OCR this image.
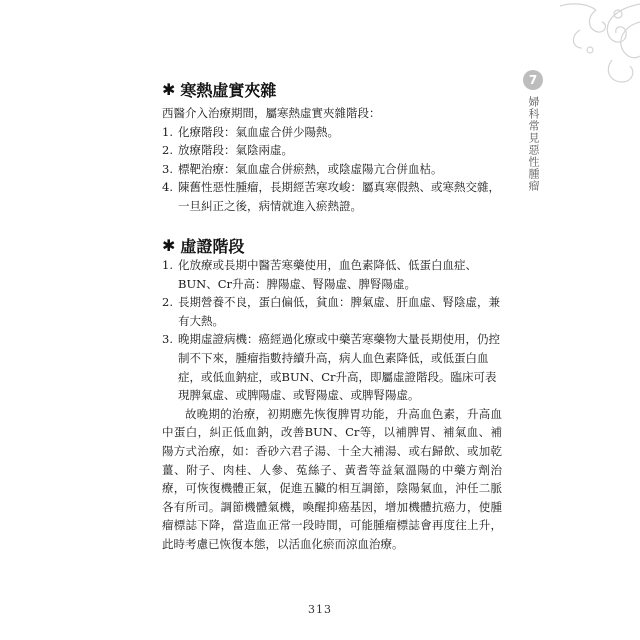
7
婦科常見惡性腫瘤
✱ 寒熱虛實夾雜

西醫介入治療期間，屬寒熱虛實夾雜階段：

1. 化療階段：氣血虛合併少陽熱。
2. 放療階段：氣陰兩虛。
3. 標靶治療：氣血虛合併瘀熱，或陰虛陽亢合併血枯。
4. 陳舊性惡性腫瘤，長期經苦寒攻峻：屬真寒假熱、或寒熱交雜，一旦糾正之後，病情就進入瘀熱證。
✱ 虛證階段
1. 化放療或長期中醫苦寒藥使用，血色素降低、低蛋白血症、BUN、Cr升高：脾陽虛、腎陽虛、脾腎陽虛。
2. 長期營養不良，蛋白偏低，貧血：脾氣虛、肝血虛、腎陰虛，兼有大熱。
3. 晚期虛證病機：癌經過化療或中藥苦寒藥物大量長期使用，仍控制不下來，腫瘤指數持續升高，病人血色素降低，或低蛋白血症，或低血鈉症，或BUN、Cr升高，即屬虛證階段。臨床可表現脾氣虛、或脾陽虛、或腎陽虛、或脾腎陽虛。

故晚期的治療，初期應先恢復脾胃功能，升高血色素，升高血中蛋白，糾正低血鈉，改善BUN、Cr等，以補脾胃、補氣血、補陽方式治療，如：香砂六君子湯、十全大補湯、或右歸飲、或加乾薑、附子、肉桂、人參、菟絲子、黃耆等益氣溫陽的中藥方劑治療，可恢復機體正氣，促進五臟的相互調節，陰陽氣血，沖任二脈各有所司。調節機體氣機，喚醒抑癌基因，增加機體抗癌力，使腫瘤標誌下降，當造血正常一段時間，可能腫瘤標誌會再度往上升，此時考慮已恢復本態，以活血化瘀而涼血治療。

313
